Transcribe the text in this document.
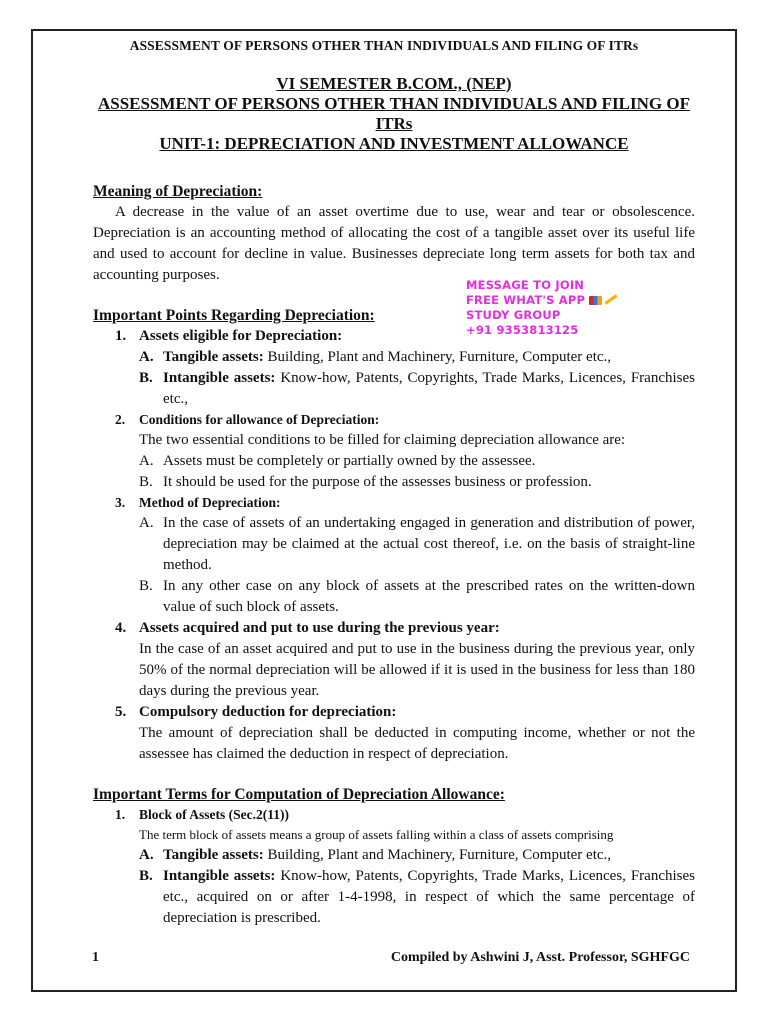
ASSESSMENT OF PERSONS OTHER THAN INDIVIDUALS AND FILING OF ITRs
VI SEMESTER B.COM., (NEP)
ASSESSMENT OF PERSONS OTHER THAN INDIVIDUALS AND FILING OF ITRs
UNIT-1: DEPRECIATION AND INVESTMENT ALLOWANCE
MESSAGE TO JOIN
FREE WHAT'S APP
STUDY GROUP
+91 9353813125
Meaning of Depreciation:
A decrease in the value of an asset overtime due to use, wear and tear or obsolescence. Depreciation is an accounting method of allocating the cost of a tangible asset over its useful life and used to account for decline in value. Businesses depreciate long term assets for both tax and accounting purposes.
Important Points Regarding Depreciation:
1. Assets eligible for Depreciation:
A. Tangible assets: Building, Plant and Machinery, Furniture, Computer etc.,
B. Intangible assets: Know-how, Patents, Copyrights, Trade Marks, Licences, Franchises etc.,
2.	Conditions for allowance of Depreciation:
The two essential conditions to be filled for claiming depreciation allowance are:
A. Assets must be completely or partially owned by the assessee.
B. It should be used for the purpose of the assesses business or profession.
3.	Method of Depreciation:
A. In the case of assets of an undertaking engaged in generation and distribution of power, depreciation may be claimed at the actual cost thereof, i.e. on the basis of straight-line method.
B. In any other case on any block of assets at the prescribed rates on the written-down value of such block of assets.
4. Assets acquired and put to use during the previous year:
In the case of an asset acquired and put to use in the business during the previous year, only 50% of the normal depreciation will be allowed if it is used in the business for less than 180 days during the previous year.
5. Compulsory deduction for depreciation:
The amount of depreciation shall be deducted in computing income, whether or not the assessee has claimed the deduction in respect of depreciation.
Important Terms for Computation of Depreciation Allowance:
1.	Block of Assets (Sec.2(11))
The term block of assets means a group of assets falling within a class of assets comprising
A. Tangible assets: Building, Plant and Machinery, Furniture, Computer etc.,
B. Intangible assets: Know-how, Patents, Copyrights, Trade Marks, Licences, Franchises etc., acquired on or after 1-4-1998, in respect of which the same percentage of depreciation is prescribed.
1	Compiled by Ashwini J, Asst. Professor, SGHFGC
